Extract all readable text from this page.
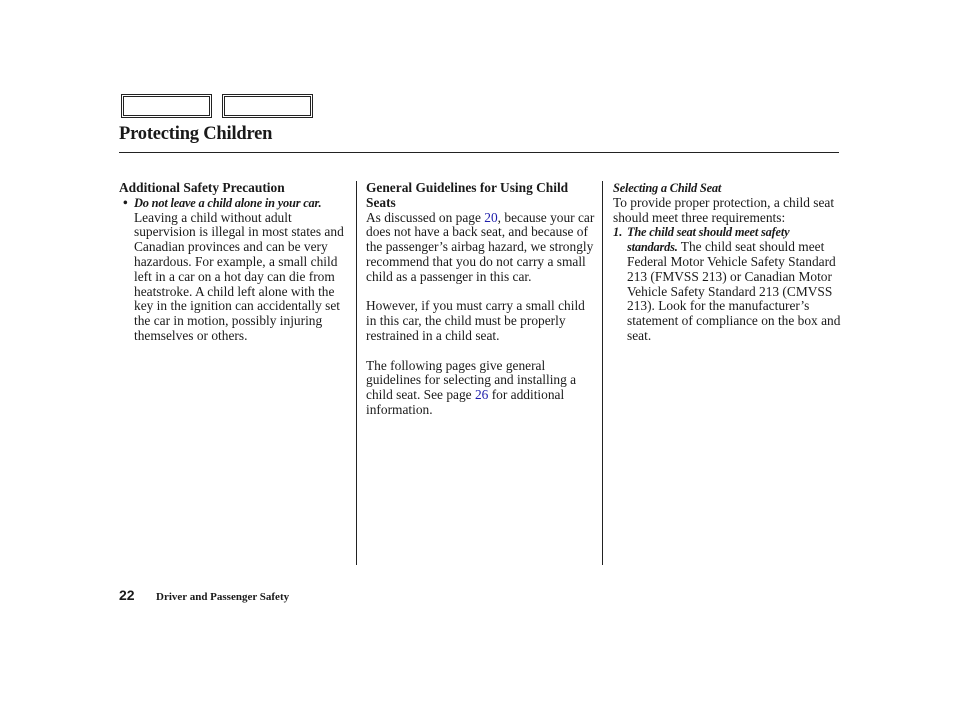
Protecting Children

Additional Safety Precaution

• Do not leave a child alone in your car. Leaving a child without adult supervision is illegal in most states and Canadian provinces and can be very hazardous. For example, a small child left in a car on a hot day can die from heatstroke. A child left alone with the key in the ignition can accidentally set the car in motion, possibly injuring themselves or others.

General Guidelines for Using Child Seats

As discussed on page 20, because your car does not have a back seat, and because of the passenger’s airbag hazard, we strongly recommend that you do not carry a small child as a passenger in this car.

However, if you must carry a small child in this car, the child must be properly restrained in a child seat.

The following pages give general guidelines for selecting and installing a child seat. See page 26 for additional information.

Selecting a Child Seat

To provide proper protection, a child seat should meet three requirements:

1. The child seat should meet safety standards. The child seat should meet Federal Motor Vehicle Safety Standard 213 (FMVSS 213) or Canadian Motor Vehicle Safety Standard 213 (CMVSS 213). Look for the manufacturer’s statement of compliance on the box and seat.

22 Driver and Passenger Safety
